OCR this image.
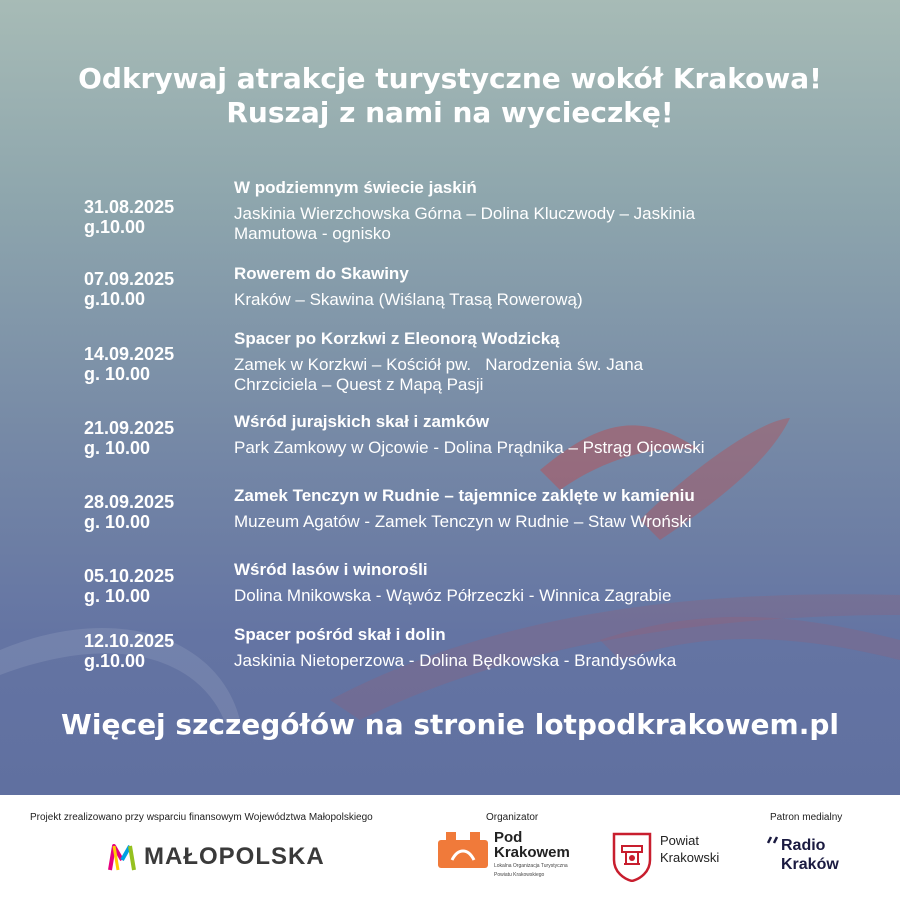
Odkrywaj atrakcje turystyczne wokół Krakowa!
Ruszaj z nami na wycieczkę!
31.08.2025
g.10.00
W podziemnym świecie jaskiń
Jaskinia Wierzchowska Górna – Dolina Kluczwody – Jaskinia
Mamutowa - ognisko
07.09.2025
g.10.00
Rowerem do Skawiny
Kraków – Skawina (Wiślaną Trasą Rowerową)
14.09.2025
g. 10.00
Spacer po Korzkwi z Eleonorą Wodzicką
Zamek w Korzkwi – Kościół pw.   Narodzenia św. Jana
Chrzciciela – Quest z Mapą Pasji
21.09.2025
g. 10.00
Wśród jurajskich skał i zamków
Park Zamkowy w Ojcowie - Dolina Prądnika – Pstrąg Ojcowski
28.09.2025
g. 10.00
Zamek Tenczyn w Rudnie – tajemnice zaklęte w kamieniu
Muzeum Agatów - Zamek Tenczyn w Rudnie – Staw Wroński
05.10.2025
g. 10.00
Wśród lasów i winorośli
Dolina Mnikowska - Wąwóz Półrzeczki - Winnica Zagrabie
12.10.2025
g.10.00
Spacer pośród skał i dolin
Jaskinia Nietoperzowa - Dolina Będkowska - Brandysówka
Więcej szczegółów na stronie lotpodkrakowem.pl
Projekt zrealizowano przy wsparciu finansowym Województwa Małopolskiego	Organizator	Patron medialny
MAŁOPOLSKA
Pod
Krakowem
Lokalna Organizacja Turystyczna
Powiatu Krakowskiego
Powiat
Krakowski
Radio
Kraków
